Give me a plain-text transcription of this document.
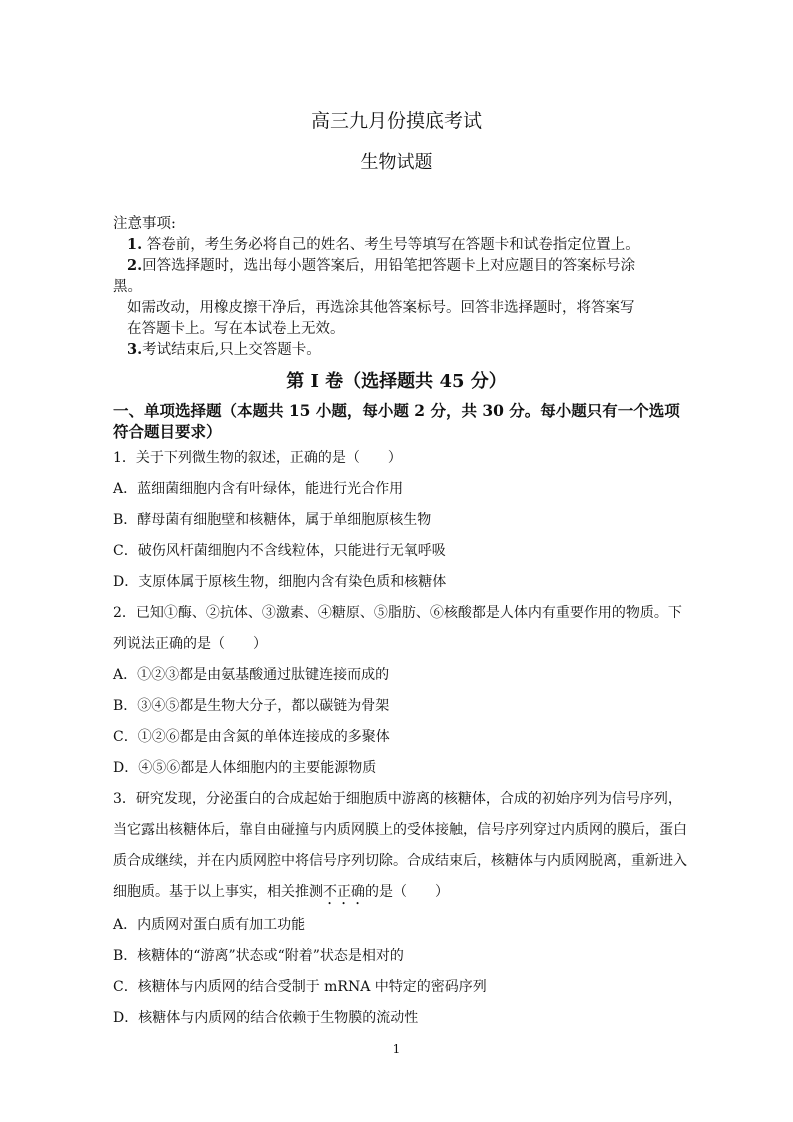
高三九月份摸底考试
生物试题
注意事项:
1. 答卷前，考生务必将自己的姓名、考生号等填写在答题卡和试卷指定位置上。
2.回答选择题时，选出每小题答案后，用铅笔把答题卡上对应题目的答案标号涂
黑。
如需改动，用橡皮擦干净后，再选涂其他答案标号。回答非选择题时，将答案写
在答题卡上。写在本试卷上无效。
3.考试结束后,只上交答题卡。
第 I 卷（选择题共 45 分）
一、单项选择题（本题共 15 小题，每小题 2 分，共 30 分。每小题只有一个选项
符合题目要求）
1．关于下列微生物的叙述，正确的是（　　）
A．蓝细菌细胞内含有叶绿体，能进行光合作用
B．酵母菌有细胞壁和核糖体，属于单细胞原核生物
C．破伤风杆菌细胞内不含线粒体，只能进行无氧呼吸
D．支原体属于原核生物，细胞内含有染色质和核糖体
2．已知①酶、②抗体、③激素、④糖原、⑤脂肪、⑥核酸都是人体内有重要作用的物质。下
列说法正确的是（　　）
A．①②③都是由氨基酸通过肽键连接而成的
B．③④⑤都是生物大分子，都以碳链为骨架
C．①②⑥都是由含氮的单体连接成的多聚体
D．④⑤⑥都是人体细胞内的主要能源物质
3．研究发现，分泌蛋白的合成起始于细胞质中游离的核糖体，合成的初始序列为信号序列，
当它露出核糖体后，靠自由碰撞与内质网膜上的受体接触，信号序列穿过内质网的膜后，蛋白
质合成继续，并在内质网腔中将信号序列切除。合成结束后，核糖体与内质网脱离，重新进入
细胞质。基于以上事实，相关推测不正确的是（　　）
A．内质网对蛋白质有加工功能
B．核糖体的“游离”状态或“附着”状态是相对的
C．核糖体与内质网的结合受制于 mRNA 中特定的密码序列
D．核糖体与内质网的结合依赖于生物膜的流动性
1
